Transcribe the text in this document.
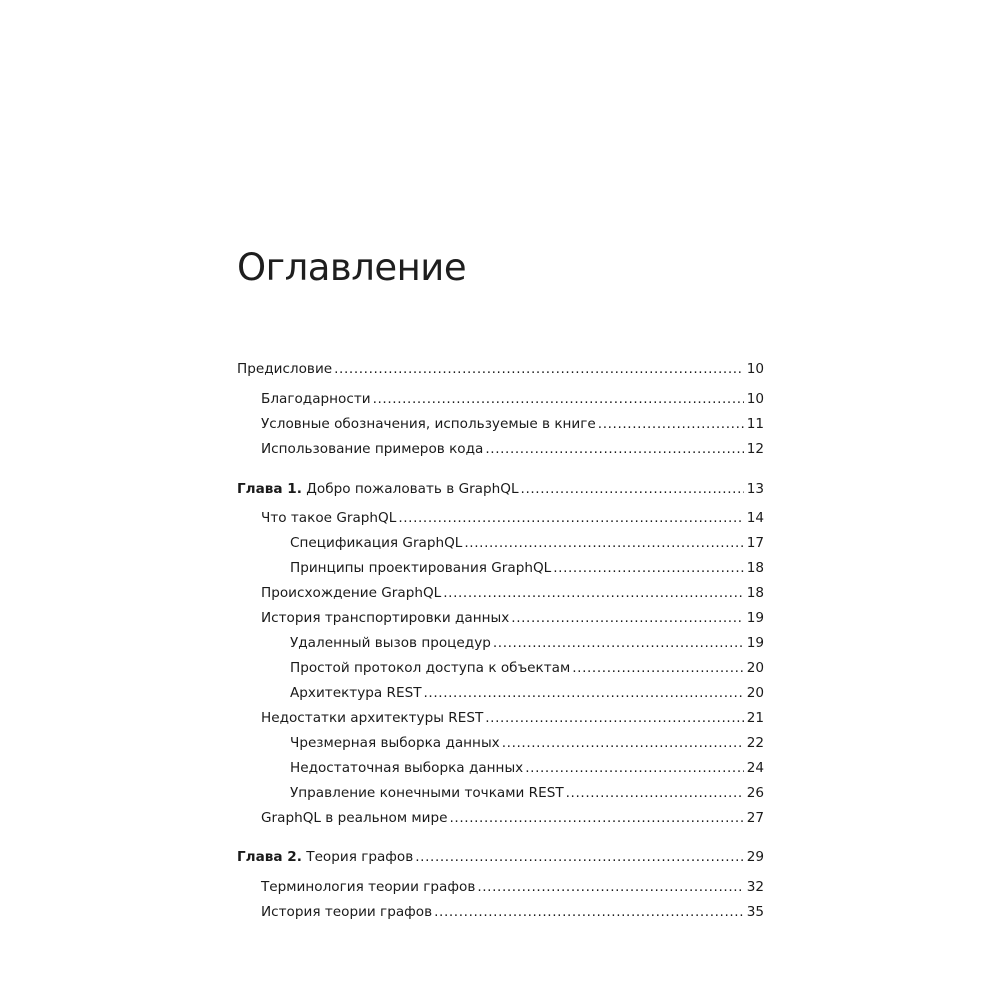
Оглавление
Предисловие .....	10
Благодарности .....	10
Условные обозначения, используемые в книге .....	11
Использование примеров кода .....	12
Глава 1. Добро пожаловать в GraphQL .....	13
Что такое GraphQL .....	14
Спецификация GraphQL .....	17
Принципы проектирования GraphQL .....	18
Происхождение GraphQL .....	18
История транспортировки данных .....	19
Удаленный вызов процедур .....	19
Простой протокол доступа к объектам .....	20
Архитектура REST .....	20
Недостатки архитектуры REST .....	21
Чрезмерная выборка данных .....	22
Недостаточная выборка данных .....	24
Управление конечными точками REST .....	26
GraphQL в реальном мире .....	27
Глава 2. Теория графов .....	29
Терминология теории графов .....	32
История теории графов .....	35
